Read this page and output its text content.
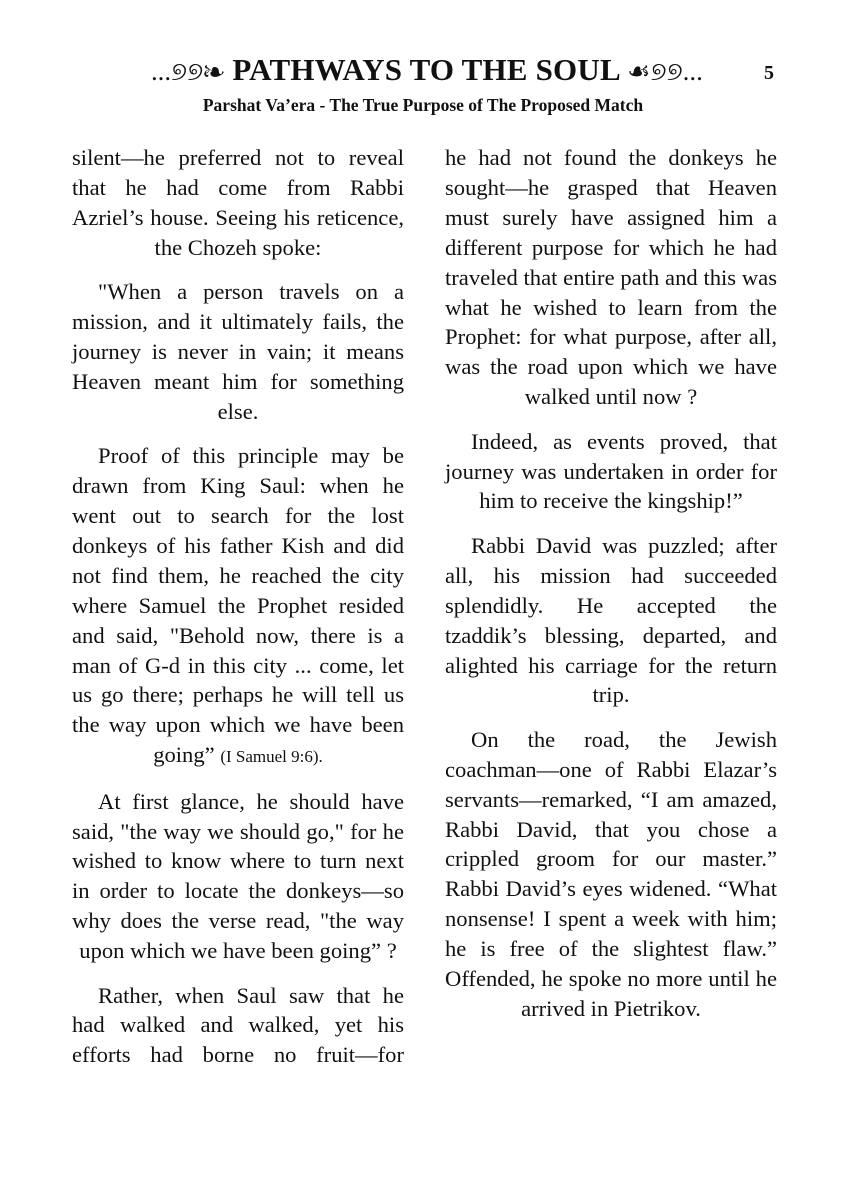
...୭୭❧ PATHWAYS TO THE SOUL ☙୭୭...	5
Parshat Va’era - The True Purpose of The Proposed Match

silent—he preferred not to reveal that he had come from Rabbi Azriel’s house. Seeing his reticence, the Chozeh spoke:

"When a person travels on a mission, and it ultimately fails, the journey is never in vain; it means Heaven meant him for something else.

Proof of this principle may be drawn from King Saul: when he went out to search for the lost donkeys of his father Kish and did not find them, he reached the city where Samuel the Prophet resided and said, "Behold now, there is a man of G-d in this city ... come, let us go there; perhaps he will tell us the way upon which we have been going” (I Samuel 9:6).

At first glance, he should have said, "the way we should go," for he wished to know where to turn next in order to locate the donkeys—so why does the verse read, "the way upon which we have been going” ?

Rather, when Saul saw that he had walked and walked, yet his efforts had borne no fruit—for

he had not found the donkeys he sought—he grasped that Heaven must surely have assigned him a different purpose for which he had traveled that entire path and this was what he wished to learn from the Prophet: for what purpose, after all, was the road upon which we have walked until now ?

Indeed, as events proved, that journey was undertaken in order for him to receive the kingship!”

Rabbi David was puzzled; after all, his mission had succeeded splendidly. He accepted the tzaddik’s blessing, departed, and alighted his carriage for the return trip.

On the road, the Jewish coachman—one of Rabbi Elazar’s servants—remarked, “I am amazed, Rabbi David, that you chose a crippled groom for our master.” Rabbi David’s eyes widened. “What nonsense! I spent a week with him; he is free of the slightest flaw.” Offended, he spoke no more until he arrived in Pietrikov.
